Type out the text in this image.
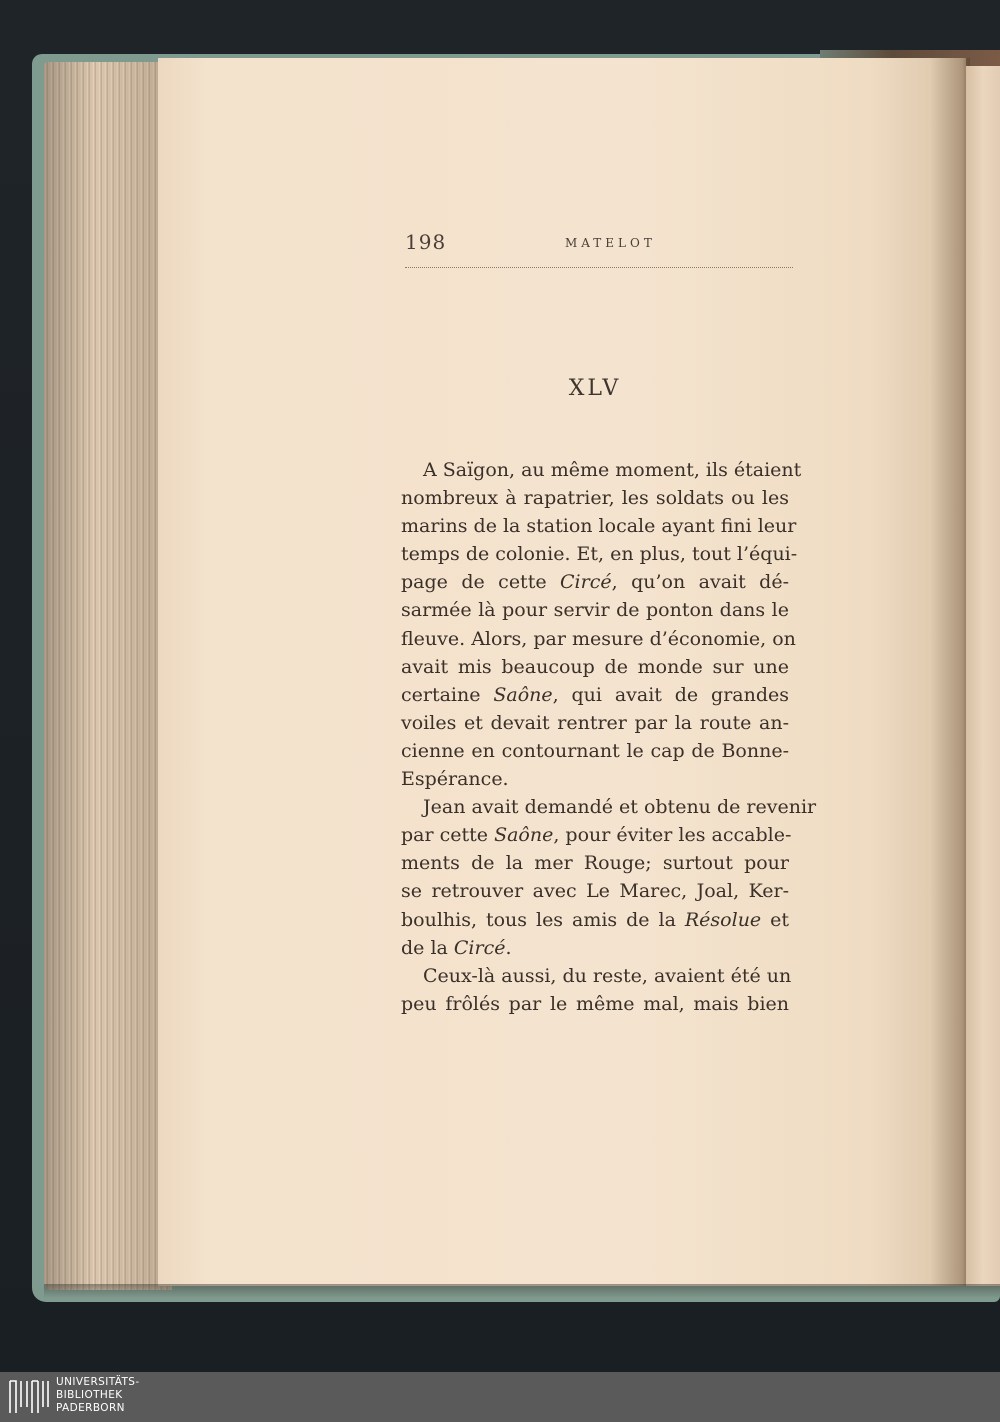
198	MATELOT
XLV
A Saïgon, au même moment, ils étaient
nombreux à rapatrier, les soldats ou les
marins de la station locale ayant fini leur
temps de colonie. Et, en plus, tout l’équi-
page de cette Circé, qu’on avait dé-
sarmée là pour servir de ponton dans le
fleuve. Alors, par mesure d’économie, on
avait mis beaucoup de monde sur une
certaine Saône, qui avait de grandes
voiles et devait rentrer par la route an-
cienne en contournant le cap de Bonne-
Espérance.
Jean avait demandé et obtenu de revenir
par cette Saône, pour éviter les accable-
ments de la mer Rouge; surtout pour
se retrouver avec Le Marec, Joal, Ker-
boulhis, tous les amis de la Résolue et
de la Circé.
Ceux-là aussi, du reste, avaient été un
peu frôlés par le même mal, mais bien
UNIVERSITÄTS-
BIBLIOTHEK
PADERBORN
